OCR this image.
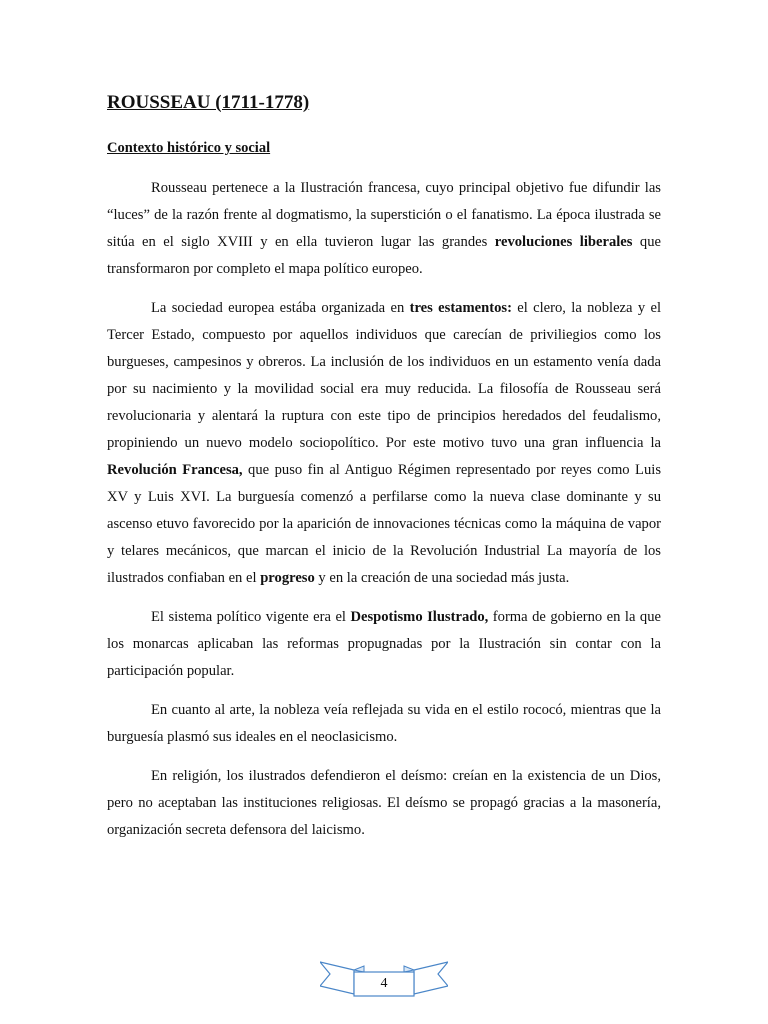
ROUSSEAU (1711-1778)
Contexto histórico y social

Rousseau pertenece a la Ilustración francesa, cuyo principal objetivo fue difundir las “luces” de la razón frente al dogmatismo, la superstición o el fanatismo. La época ilustrada se sitúa en el siglo XVIII y en ella tuvieron lugar las grandes revoluciones liberales que transformaron por completo el mapa político europeo.

La sociedad europea estába organizada en tres estamentos: el clero, la nobleza y el Tercer Estado, compuesto por aquellos individuos que carecían de priviliegios como los burgueses, campesinos y obreros. La inclusión de los individuos en un estamento venía dada por su nacimiento y la movilidad social era muy reducida. La filosofía de Rousseau será revolucionaria y alentará la ruptura con este tipo de principios heredados del feudalismo, propiniendo un nuevo modelo sociopolítico. Por este motivo tuvo una gran influencia la Revolución Francesa, que puso fin al Antiguo Régimen representado por reyes como Luis XV y Luis XVI. La burguesía comenzó a perfilarse como la nueva clase dominante y su ascenso etuvo favorecido por la aparición de innovaciones técnicas como la máquina de vapor y telares mecánicos, que marcan el inicio de la Revolución Industrial La mayoría de los ilustrados confiaban en el progreso y en la creación de una sociedad más justa.

El sistema político vigente era el Despotismo Ilustrado, forma de gobierno en la que los monarcas aplicaban las reformas propugnadas por la Ilustración sin contar con la participación popular.

En cuanto al arte, la nobleza veía reflejada su vida en el estilo rococó, mientras que la burguesía plasmó sus ideales en el neoclasicismo.

En religión, los ilustrados defendieron el deísmo: creían en la existencia de un Dios, pero no aceptaban las instituciones religiosas. El deísmo se propagó gracias a la masonería, organización secreta defensora del laicismo.

4
